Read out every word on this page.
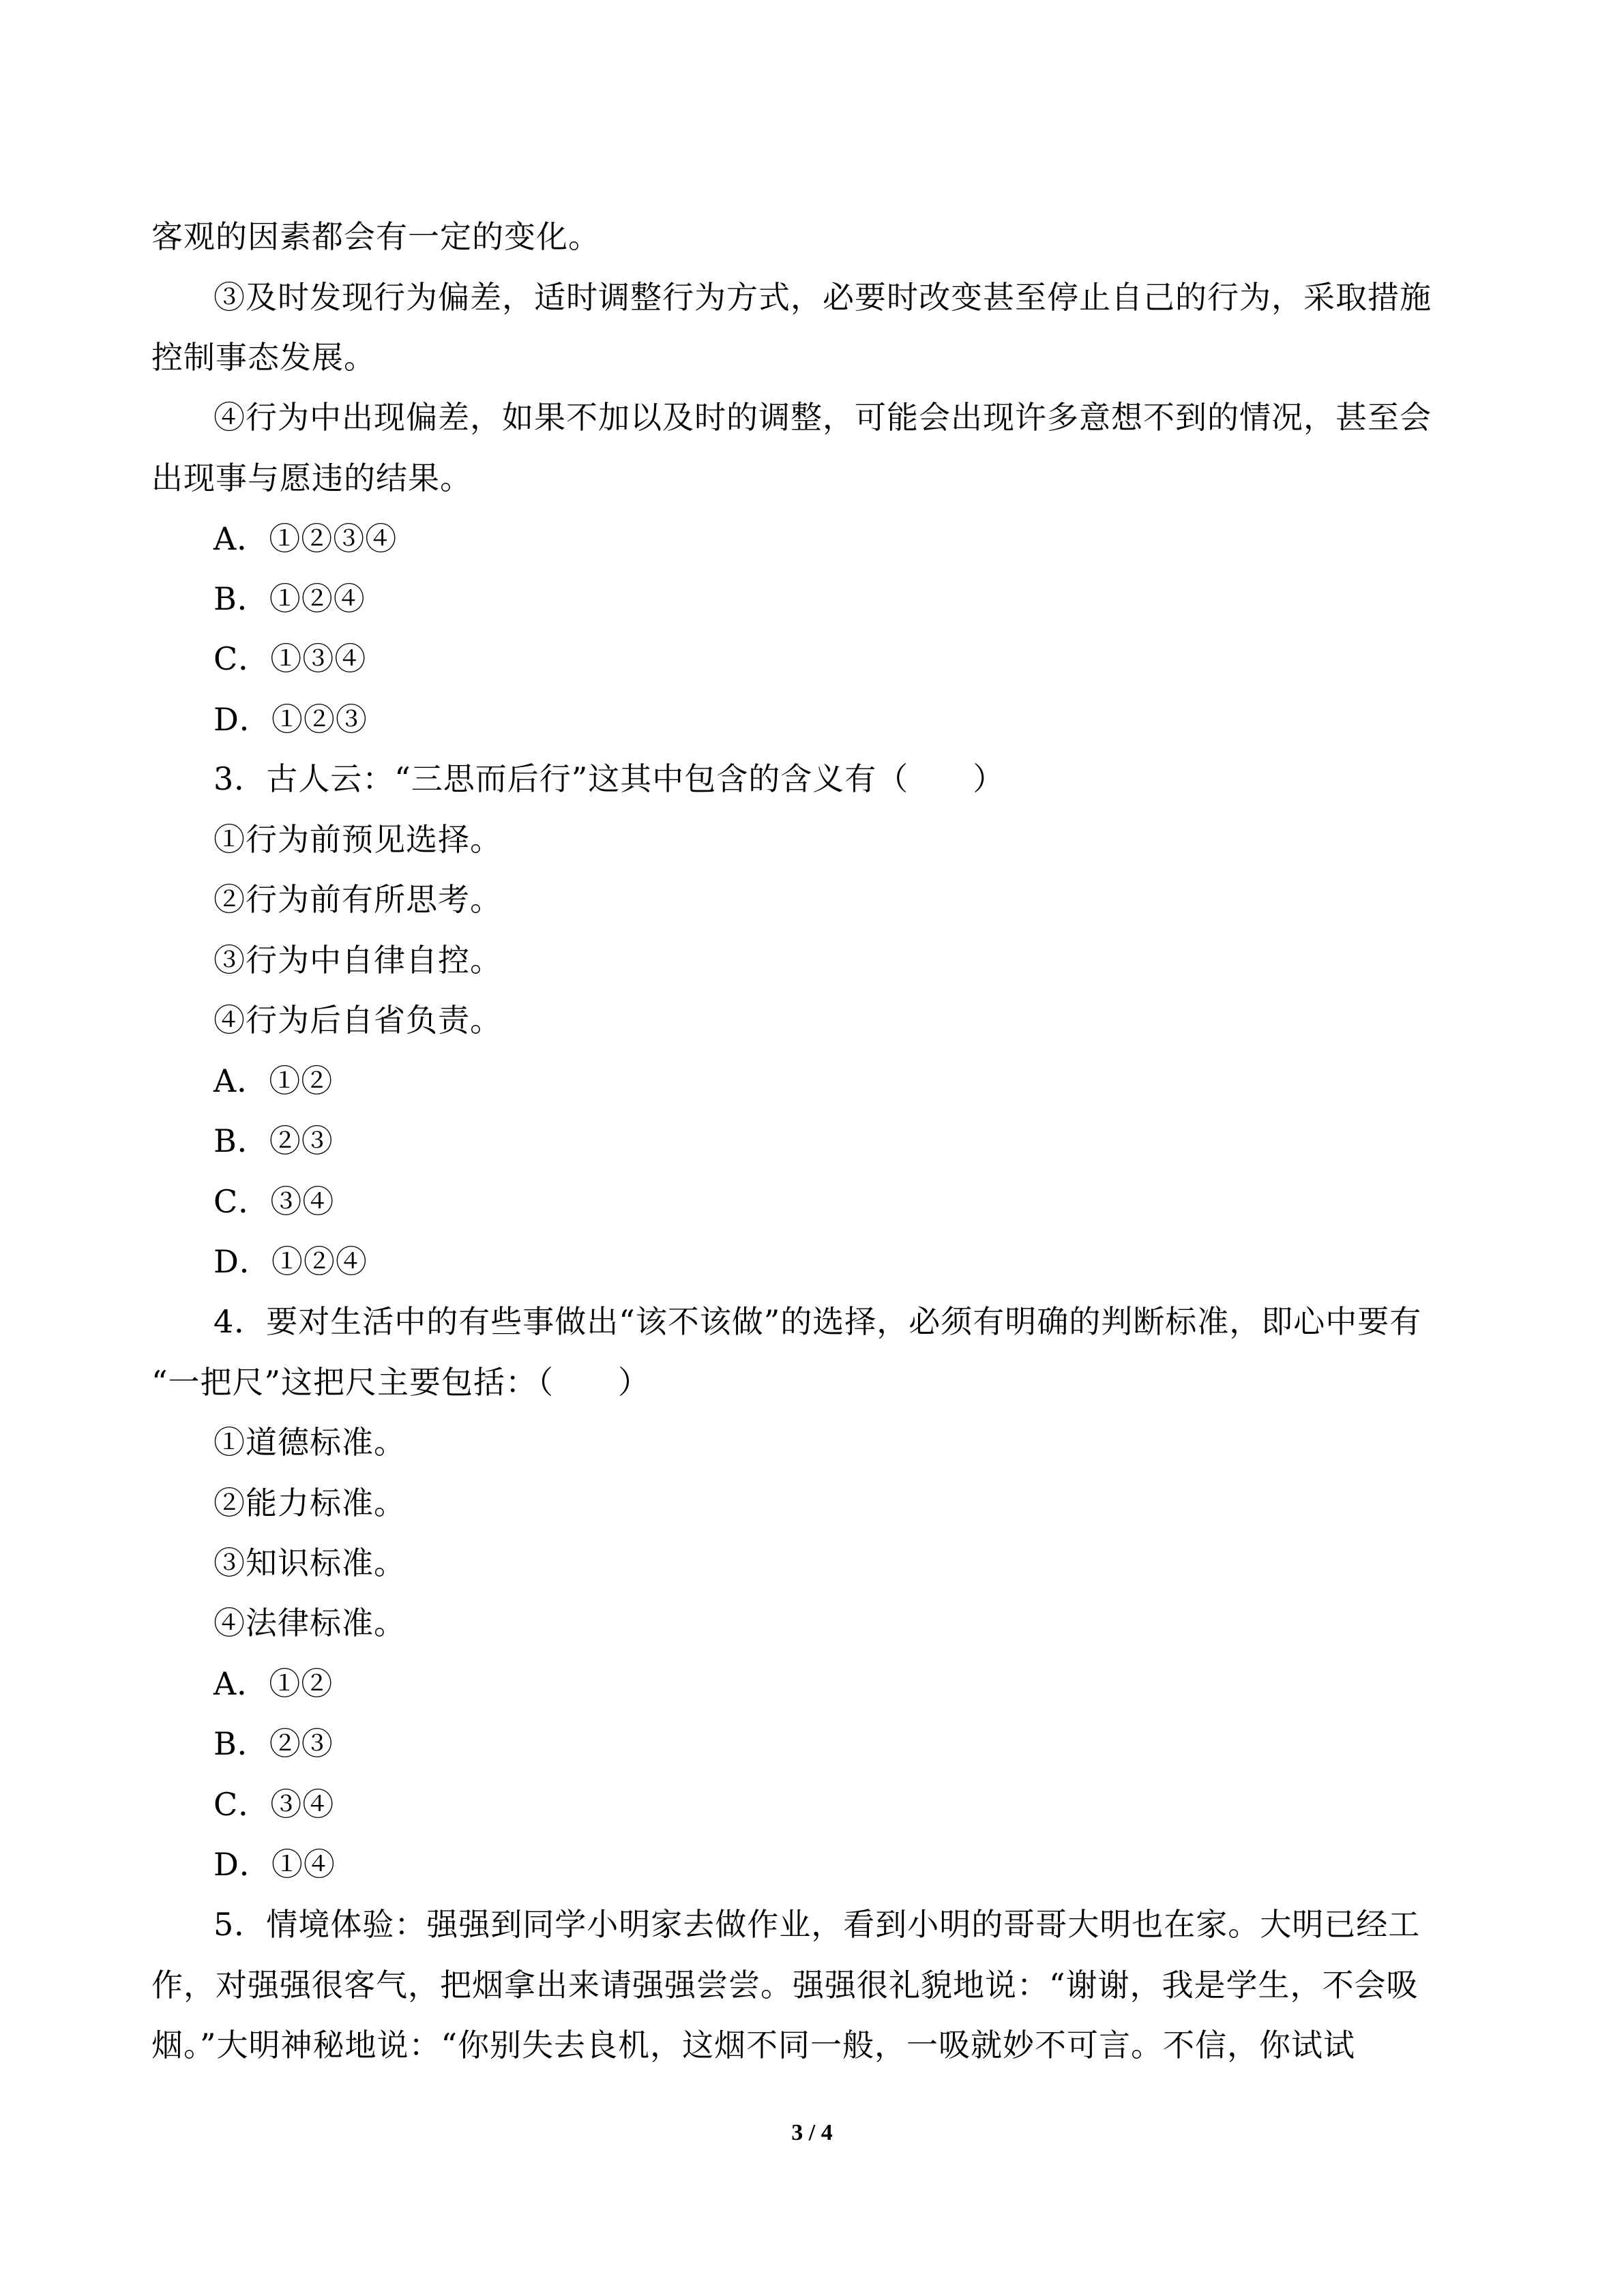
客观的因素都会有一定的变化。
③及时发现行为偏差，适时调整行为方式，必要时改变甚至停止自己的行为，采取措施
控制事态发展。
④行为中出现偏差，如果不加以及时的调整，可能会出现许多意想不到的情况，甚至会
出现事与愿违的结果。
A．①②③④
B．①②④
C．①③④
D．①②③
3．古人云：“三思而后行”这其中包含的含义有（　　）
①行为前预见选择。
②行为前有所思考。
③行为中自律自控。
④行为后自省负责。
A．①②
B．②③
C．③④
D．①②④
4．要对生活中的有些事做出“该不该做”的选择，必须有明确的判断标准，即心中要有
“一把尺”这把尺主要包括：（　　）
①道德标准。
②能力标准。
③知识标准。
④法律标准。
A．①②
B．②③
C．③④
D．①④
5．情境体验：强强到同学小明家去做作业，看到小明的哥哥大明也在家。大明已经工
作，对强强很客气，把烟拿出来请强强尝尝。强强很礼貌地说：“谢谢，我是学生，不会吸
烟。”大明神秘地说：“你别失去良机，这烟不同一般，一吸就妙不可言。不信，你试试
3 / 4
